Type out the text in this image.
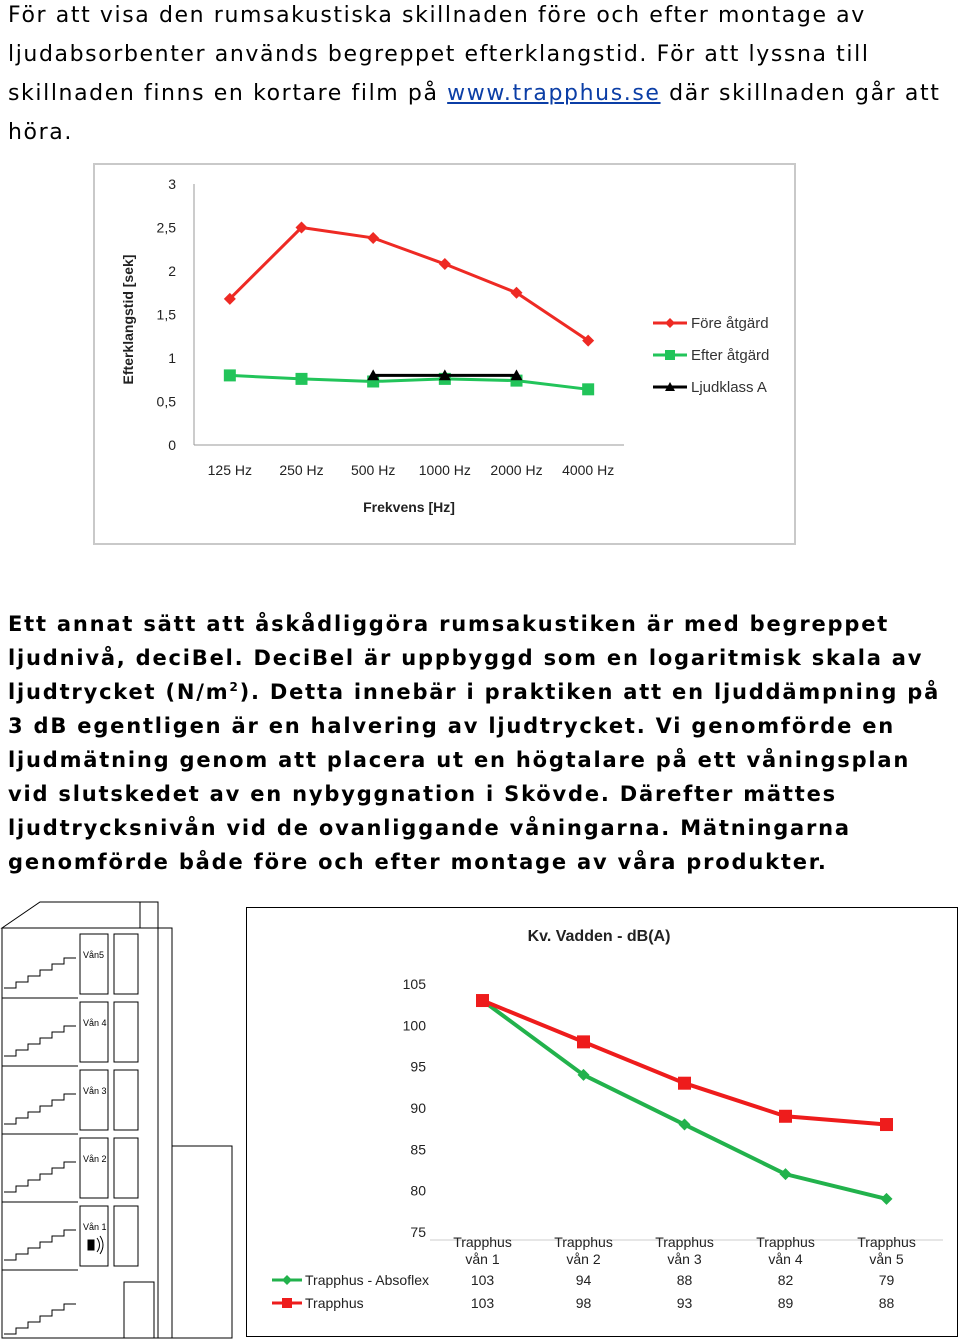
För att visa den rumsakustiska skillnaden före och efter montage av ljudabsorbenter används begreppet efterklangstid. För att lyssna till skillnaden finns en kortare film på www.trapphus.se där skillnaden går att höra.

0
0,5
1
1,5
2
2,5
3
125 Hz 250 Hz 500 Hz 1000 Hz 2000 Hz 4000 Hz
Frekvens [Hz]
Efterklangstid [sek]	Före åtgärd
Efter åtgärd
Ljudklass A

Ett annat sätt att åskådliggöra rumsakustiken är med begreppet ljudnivå, deciBel. DeciBel är uppbyggd som en logaritmisk skala av ljudtrycket $(N/m^2)$. Detta innebär i praktiken att en ljuddämpning på 3 dB egentligen är en halvering av ljudtrycket. Vi genomförde en ljudmätning genom att placera ut en högtalare på ett våningsplan vid slutskedet av en nybyggnation i Skövde. Därefter mättes ljudtrycksnivån vid de ovanliggande våningarna. Mätningarna genomförde både före och efter montage av våra produkter.

Vån5
Vån 4
Vån 3
Vån 2
Vån 1
Kv. Vadden - dB(A)
75
80
85
90
95
100
105
Trapphus
vån 1
Trapphus
vån 2
Trapphus
vån 3
Trapphus
vån 4
Trapphus
vån 5
Trapphus - Absoflex	103	94	88	82	79
Trapphus	103	98	93	89	88
